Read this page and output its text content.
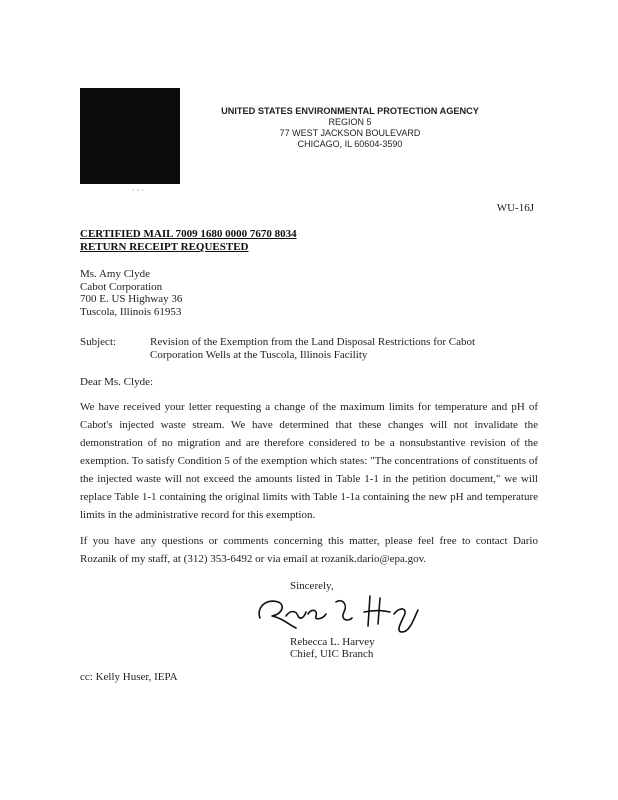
UNITED STATES ENVIRONMENTAL PROTECTION AGENCY
REGION 5
77 WEST JACKSON BOULEVARD
CHICAGO, IL 60604-3590
· · ·
WU-16J
CERTIFIED MAIL 7009 1680 0000 7670 8034
RETURN RECEIPT REQUESTED
Ms. Amy Clyde
Cabot Corporation
700 E. US Highway 36
Tuscola, Illinois 61953
Subject:	Revision of the Exemption from the Land Disposal Restrictions for Cabot Corporation Wells at the Tuscola, Illinois Facility
Dear Ms. Clyde:
We have received your letter requesting a change of the maximum limits for temperature and pH of Cabot's injected waste stream. We have determined that these changes will not invalidate the demonstration of no migration and are therefore considered to be a nonsubstantive revision of the exemption. To satisfy Condition 5 of the exemption which states: "The concentrations of constituents of the injected waste will not exceed the amounts listed in Table 1-1 in the petition document," we will replace Table 1-1 containing the original limits with Table 1-1a containing the new pH and temperature limits in the administrative record for this exemption.
If you have any questions or comments concerning this matter, please feel free to contact Dario Rozanik of my staff, at (312) 353-6492 or via email at rozanik.dario@epa.gov.
Sincerely,
Rebecca L. Harvey
Chief, UIC Branch
cc: Kelly Huser, IEPA
